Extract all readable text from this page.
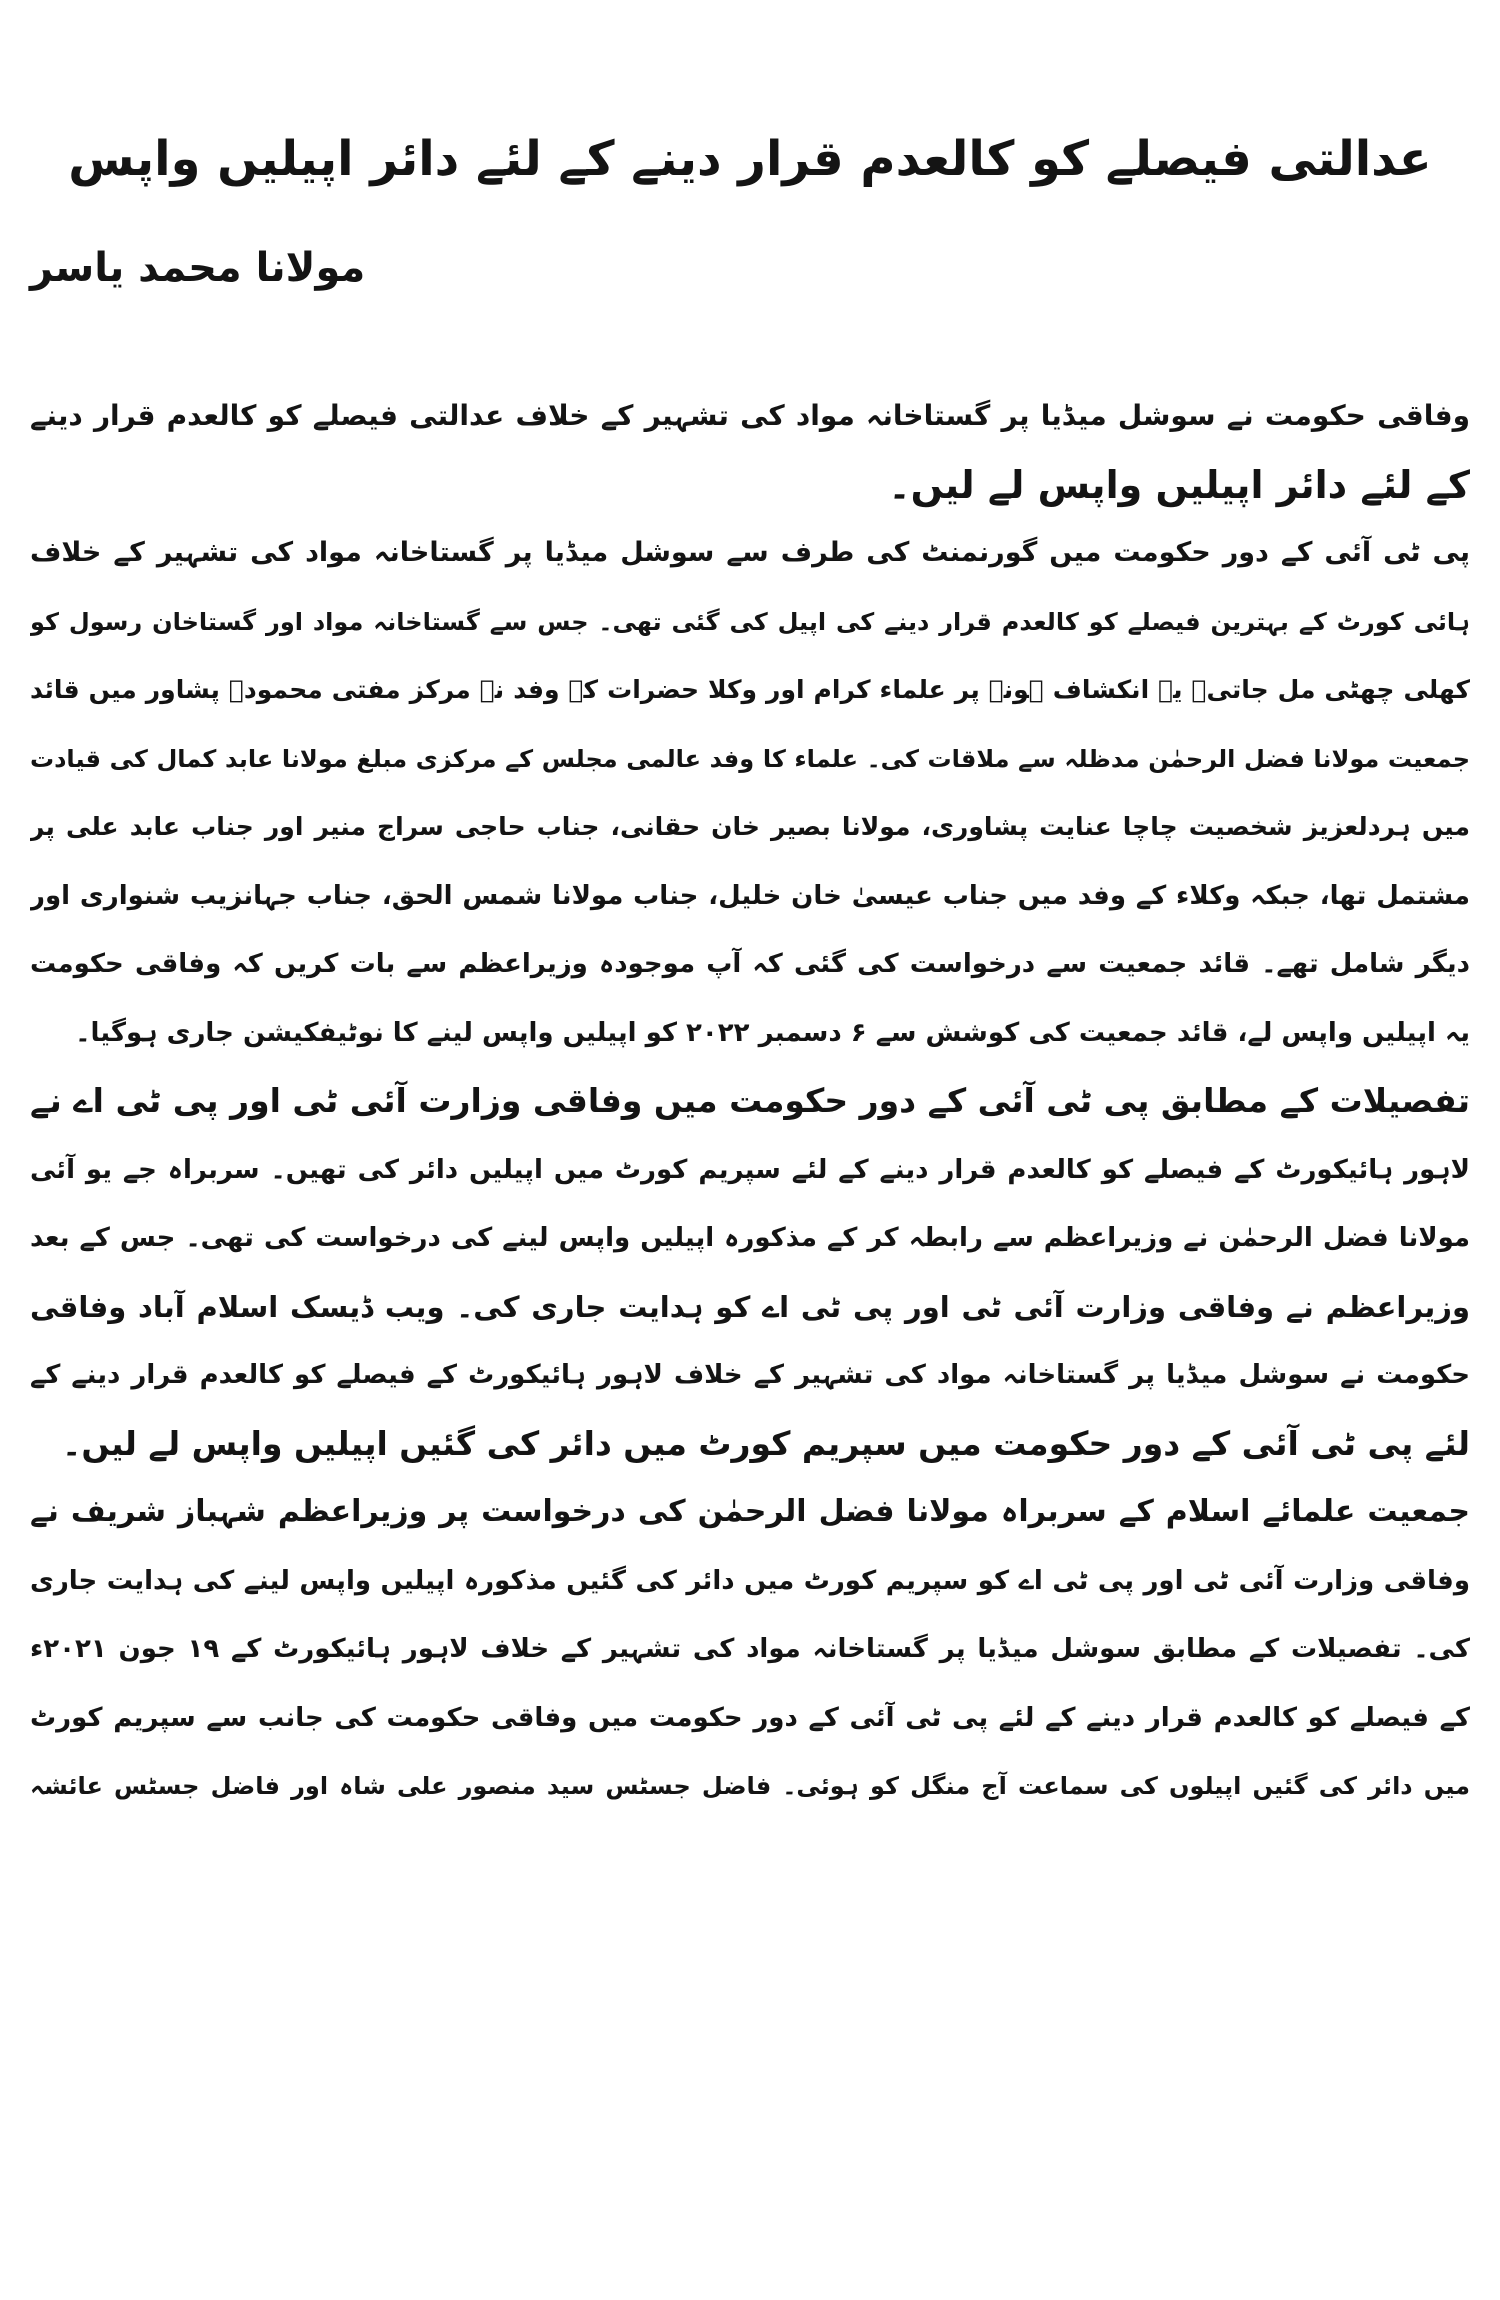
عدالتی فیصلے کو کالعدم قرار دینے کے لئے دائر اپیلیں واپس
مولانا محمد یاسر
وفاقی حکومت نے سوشل میڈیا پر گستاخانہ مواد کی تشہیر کے خلاف عدالتی فیصلے کو کالعدم قرار دینے
کے لئے دائر اپیلیں واپس لے لیں۔
پی ٹی آئی کے دور حکومت میں گورنمنٹ کی طرف سے سوشل میڈیا پر گستاخانہ مواد کی تشہیر کے خلاف
ہائی کورٹ کے بہترین فیصلے کو کالعدم قرار دینے کی اپیل کی گئی تھی۔ جس سے گستاخانہ مواد اور گستاخان رسول کو
کھلی چھٹی مل جاتی۔ یہ انکشاف ہونے پر علماء کرام اور وکلا حضرات کے وفد نے مرکز مفتی محمودؒ پشاور میں قائد
جمعیت مولانا فضل الرحمٰن مدظلہ سے ملاقات کی۔ علماء کا وفد عالمی مجلس کے مرکزی مبلغ مولانا عابد کمال کی قیادت
میں ہردلعزیز شخصیت چاچا عنایت پشاوری، مولانا بصیر خان حقانی، جناب حاجی سراج منیر اور جناب عابد علی پر
مشتمل تھا، جبکہ وکلاء کے وفد میں جناب عیسیٰ خان خلیل، جناب مولانا شمس الحق، جناب جہانزیب شنواری اور
دیگر شامل تھے۔ قائد جمعیت سے درخواست کی گئی کہ آپ موجودہ وزیراعظم سے بات کریں کہ وفاقی حکومت
یہ اپیلیں واپس لے، قائد جمعیت کی کوشش سے ۶ دسمبر ۲۰۲۲ کو اپیلیں واپس لینے کا نوٹیفکیشن جاری ہوگیا۔
تفصیلات کے مطابق پی ٹی آئی کے دور حکومت میں وفاقی وزارت آئی ٹی اور پی ٹی اے نے
لاہور ہائیکورٹ کے فیصلے کو کالعدم قرار دینے کے لئے سپریم کورٹ میں اپیلیں دائر کی تھیں۔ سربراہ جے یو آئی
مولانا فضل الرحمٰن نے وزیراعظم سے رابطہ کر کے مذکورہ اپیلیں واپس لینے کی درخواست کی تھی۔ جس کے بعد
وزیراعظم نے وفاقی وزارت آئی ٹی اور پی ٹی اے کو ہدایت جاری کی۔ ویب ڈیسک اسلام آباد وفاقی
حکومت نے سوشل میڈیا پر گستاخانہ مواد کی تشہیر کے خلاف لاہور ہائیکورٹ کے فیصلے کو کالعدم قرار دینے کے
لئے پی ٹی آئی کے دور حکومت میں سپریم کورٹ میں دائر کی گئیں اپیلیں واپس لے لیں۔
جمعیت علمائے اسلام کے سربراہ مولانا فضل الرحمٰن کی درخواست پر وزیراعظم شہباز شریف نے
وفاقی وزارت آئی ٹی اور پی ٹی اے کو سپریم کورٹ میں دائر کی گئیں مذکورہ اپیلیں واپس لینے کی ہدایت جاری
کی۔ تفصیلات کے مطابق سوشل میڈیا پر گستاخانہ مواد کی تشہیر کے خلاف لاہور ہائیکورٹ کے ۱۹ جون ۲۰۲۱ء
کے فیصلے کو کالعدم قرار دینے کے لئے پی ٹی آئی کے دور حکومت میں وفاقی حکومت کی جانب سے سپریم کورٹ
میں دائر کی گئیں اپیلوں کی سماعت آج منگل کو ہوئی۔ فاضل جسٹس سید منصور علی شاہ اور فاضل جسٹس عائشہ
